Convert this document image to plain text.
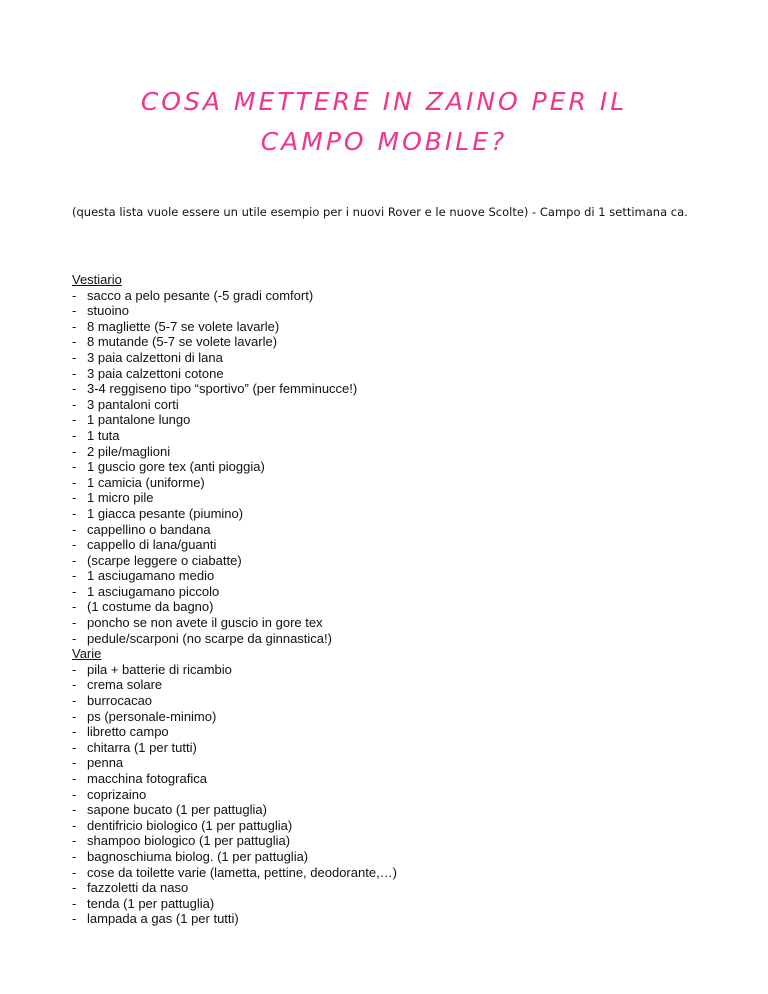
COSA METTERE IN ZAINO PER IL
CAMPO MOBILE?
(questa lista vuole essere un utile esempio per i nuovi Rover e le nuove Scolte) - Campo di 1 settimana ca.
Vestiario
- sacco a pelo pesante (-5 gradi comfort)
- stuoino
- 8 magliette (5-7 se volete lavarle)
- 8 mutande (5-7 se volete lavarle)
- 3 paia calzettoni di lana
- 3 paia calzettoni cotone
- 3-4 reggiseno tipo “sportivo” (per femminucce!)
- 3 pantaloni corti
- 1 pantalone lungo
- 1 tuta
- 2 pile/maglioni
- 1 guscio gore tex (anti pioggia)
- 1 camicia (uniforme)
- 1 micro pile
- 1 giacca pesante (piumino)
- cappellino o bandana
- cappello di lana/guanti
- (scarpe leggere o ciabatte)
- 1 asciugamano medio
- 1 asciugamano piccolo
- (1 costume da bagno)
- poncho se non avete il guscio in gore tex
- pedule/scarponi (no scarpe da ginnastica!)
Varie
- pila + batterie di ricambio
- crema solare
- burrocacao
- ps (personale-minimo)
- libretto campo
- chitarra (1 per tutti)
- penna
- macchina fotografica
- coprizaino
- sapone bucato (1 per pattuglia)
- dentifricio biologico (1 per pattuglia)
- shampoo biologico (1 per pattuglia)
- bagnoschiuma biolog. (1 per pattuglia)
- cose da toilette varie (lametta, pettine, deodorante,…)
- fazzoletti da naso
- tenda (1 per pattuglia)
- lampada a gas (1 per tutti)
